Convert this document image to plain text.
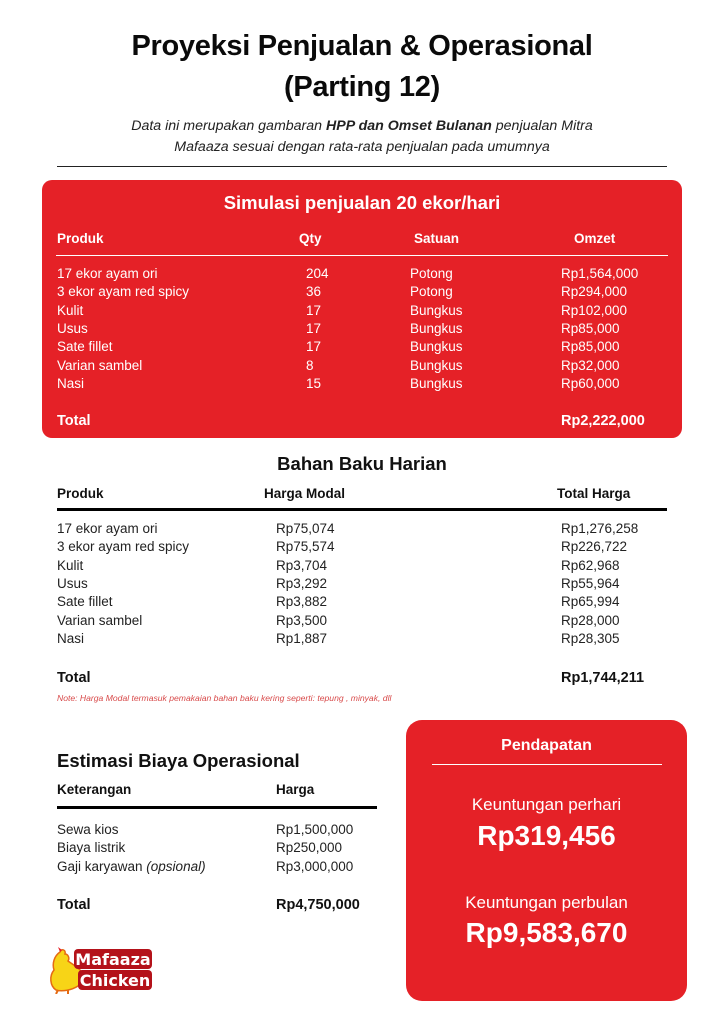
Proyeksi Penjualan & Operasional
(Parting 12)
Data ini merupakan gambaran HPP dan Omset Bulanan penjualan Mitra
Mafaaza sesuai dengan rata-rata penjualan pada umumnya
Simulasi penjualan 20 ekor/hari
Produk	Qty	Satuan	Omzet
17 ekor ayam ori	204	Potong	Rp1,564,000
3 ekor ayam red spicy	36	Potong	Rp294,000
Kulit	17	Bungkus	Rp102,000
Usus	17	Bungkus	Rp85,000
Sate fillet	17	Bungkus	Rp85,000
Varian sambel	8	Bungkus	Rp32,000
Nasi	15	Bungkus	Rp60,000
Total	Rp2,222,000
Bahan Baku Harian
Produk	Harga Modal	Total Harga
17 ekor ayam ori	Rp75,074	Rp1,276,258
3 ekor ayam red spicy	Rp75,574	Rp226,722
Kulit	Rp3,704	Rp62,968
Usus	Rp3,292	Rp55,964
Sate fillet	Rp3,882	Rp65,994
Varian sambel	Rp3,500	Rp28,000
Nasi	Rp1,887	Rp28,305
Total	Rp1,744,211
Note: Harga Modal termasuk pemakaian bahan baku kering seperti: tepung , minyak, dll
Estimasi Biaya Operasional
Keterangan	Harga
Sewa kios	Rp1,500,000
Biaya listrik	Rp250,000
Gaji karyawan (opsional)	Rp3,000,000
Total	Rp4,750,000
Pendapatan
Keuntungan perhari
Rp319,456
Keuntungan perbulan
Rp9,583,670
Mafaaza
Chicken
